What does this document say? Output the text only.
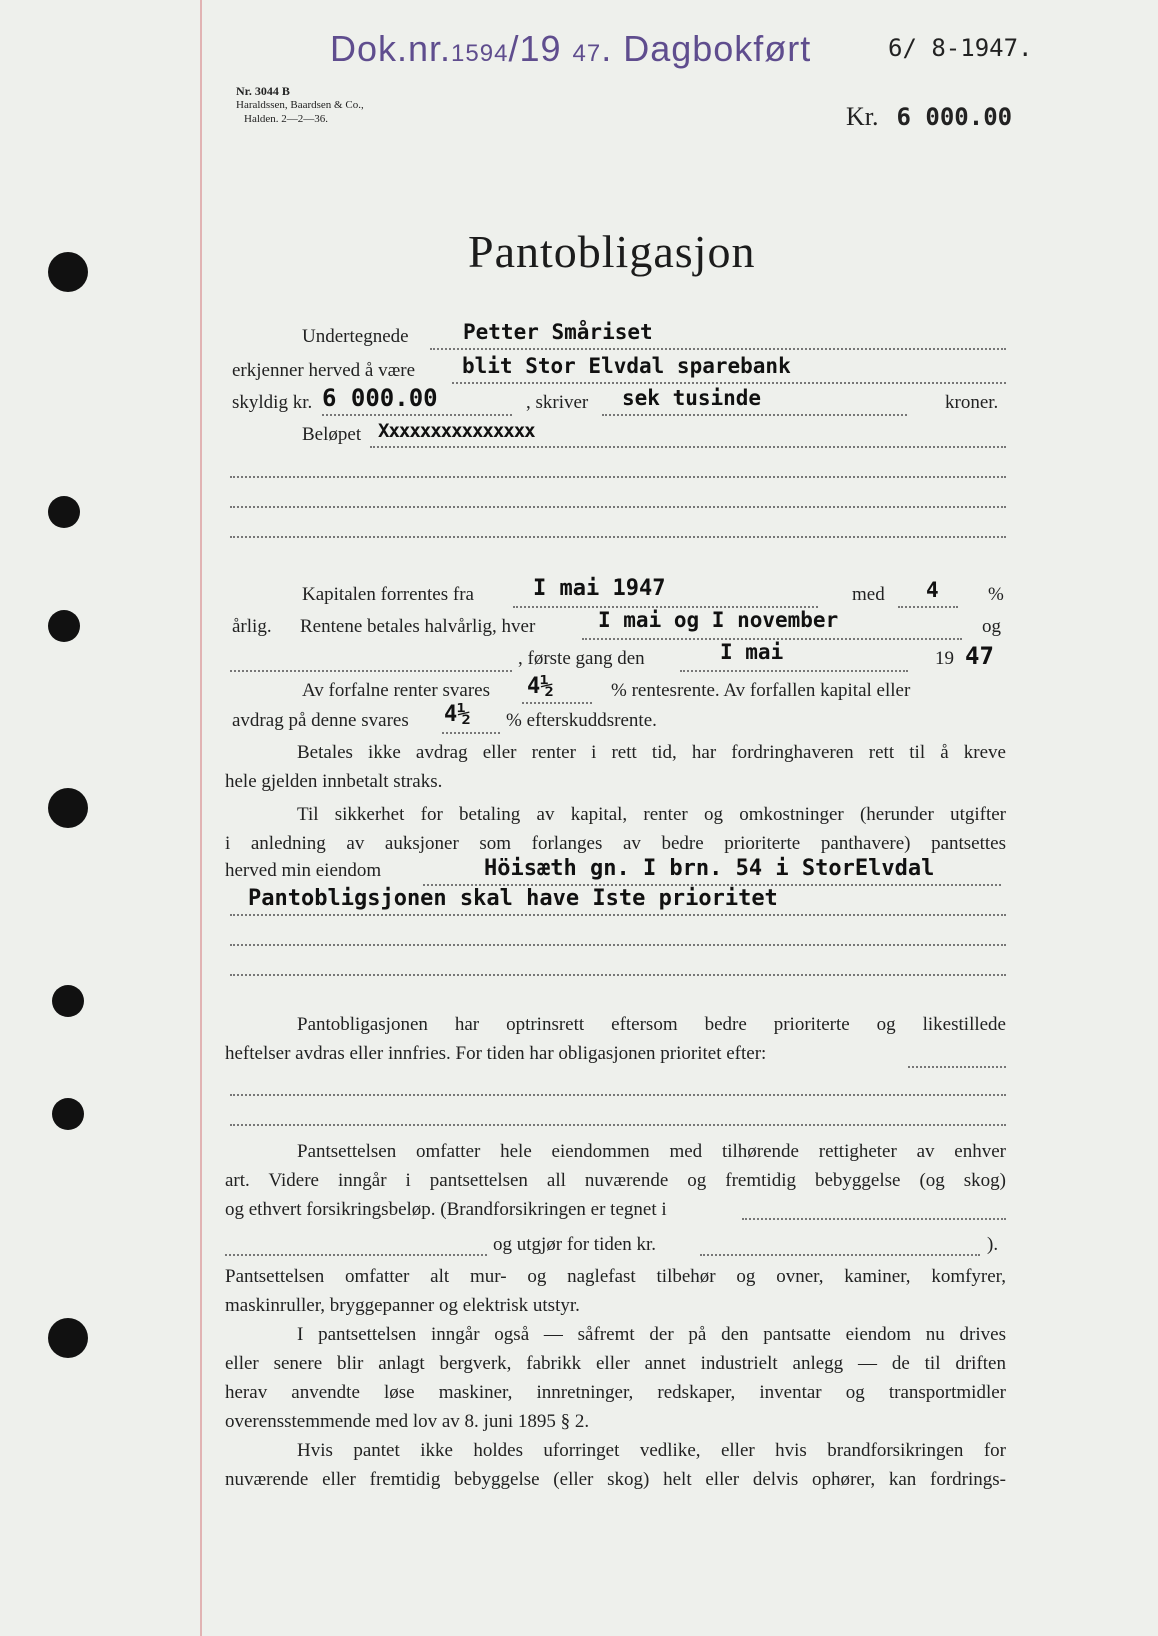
Dok.nr.1594/19 47. Dagbokført	6/ 8-1947.
Nr. 3044 B
Haraldssen, Baardsen & Co.,
Halden. 2—2—36.	Kr. 6 000.00
Pantobligasjon
Undertegnede	Petter Småriset
erkjenner herved å være blit Stor Elvdal sparebank
skyldig kr. 6 000.00	, skriver sek tusinde	kroner.
Beløpet Xxxxxxxxxxxxxxx
Kapitalen forrentes fra	I mai 1947	med 4	%
årlig. Rentene betales halvårlig, hver	I mai og I november	og
, første gang den	I mai	19 47
Av forfalne renter svares 4½	% rentesrente. Av forfallen kapital eller
avdrag på denne svares 4½ % efterskuddsrente.
Betales ikke avdrag eller renter i rett tid, har fordringhaveren rett til å kreve
hele gjelden innbetalt straks.
Til sikkerhet for betaling av kapital, renter og omkostninger (herunder utgifter
i anledning av auksjoner som forlanges av bedre prioriterte panthavere) pantsettes
herved min eiendom	Höisæth gn. I brn. 54 i StorElvdal
Pantobligsjonen skal have Iste prioritet
Pantobligasjonen har optrinsrett eftersom bedre prioriterte og likestillede
heftelser avdras eller innfries. For tiden har obligasjonen prioritet efter:
Pantsettelsen omfatter hele eiendommen med tilhørende rettigheter av enhver
art. Videre inngår i pantsettelsen all nuværende og fremtidig bebyggelse (og skog)
og ethvert forsikringsbeløp. (Brandforsikringen er tegnet i
og utgjør for tiden kr.	).
Pantsettelsen omfatter alt mur- og naglefast tilbehør og ovner, kaminer, komfyrer,
maskinruller, bryggepanner og elektrisk utstyr.
I pantsettelsen inngår også — såfremt der på den pantsatte eiendom nu drives
eller senere blir anlagt bergverk, fabrikk eller annet industrielt anlegg — de til driften
herav anvendte løse maskiner, innretninger, redskaper, inventar og transportmidler
overensstemmende med lov av 8. juni 1895 § 2.
Hvis pantet ikke holdes uforringet vedlike, eller hvis brandforsikringen for
nuværende eller fremtidig bebyggelse (eller skog) helt eller delvis ophører, kan fordrings-
